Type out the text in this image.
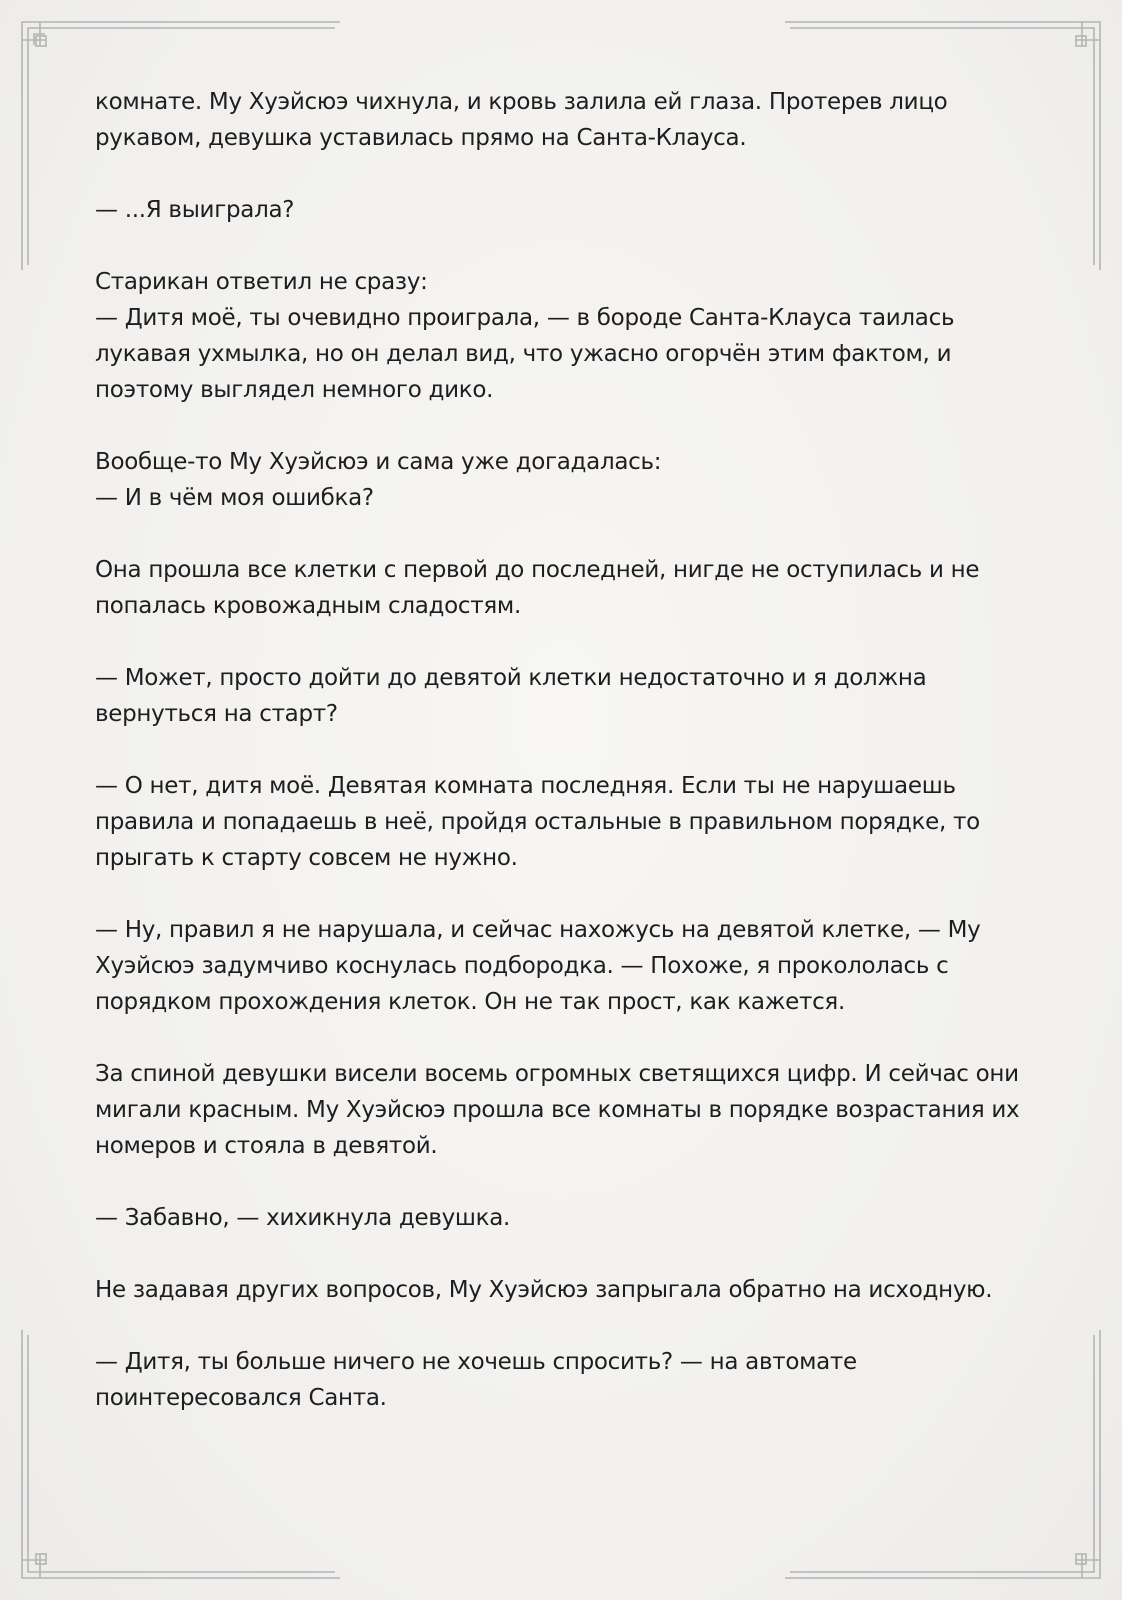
комнате. Му Хуэйсюэ чихнула, и кровь залила ей глаза. Протерев лицо рукавом, девушка уставилась прямо на Санта-Клауса.

— ...Я выиграла?

Старикан ответил не сразу:
— Дитя моё, ты очевидно проиграла, — в бороде Санта-Клауса таилась лукавая ухмылка, но он делал вид, что ужасно огорчён этим фактом, и поэтому выглядел немного дико.

Вообще-то Му Хуэйсюэ и сама уже догадалась:
— И в чём моя ошибка?

Она прошла все клетки с первой до последней, нигде не оступилась и не попалась кровожадным сладостям.

— Может, просто дойти до девятой клетки недостаточно и я должна вернуться на старт?

— О нет, дитя моё. Девятая комната последняя. Если ты не нарушаешь правила и попадаешь в неё, пройдя остальные в правильном порядке, то прыгать к старту совсем не нужно.

— Ну, правил я не нарушала, и сейчас нахожусь на девятой клетке, — Му Хуэйсюэ задумчиво коснулась подбородка. — Похоже, я прокололась с порядком прохождения клеток. Он не так прост, как кажется.

За спиной девушки висели восемь огромных светящихся цифр. И сейчас они мигали красным. Му Хуэйсюэ прошла все комнаты в порядке возрастания их номеров и стояла в девятой.

— Забавно, — хихикнула девушка.

Не задавая других вопросов, Му Хуэйсюэ запрыгала обратно на исходную.

— Дитя, ты больше ничего не хочешь спросить? — на автомате поинтересовался Санта.
